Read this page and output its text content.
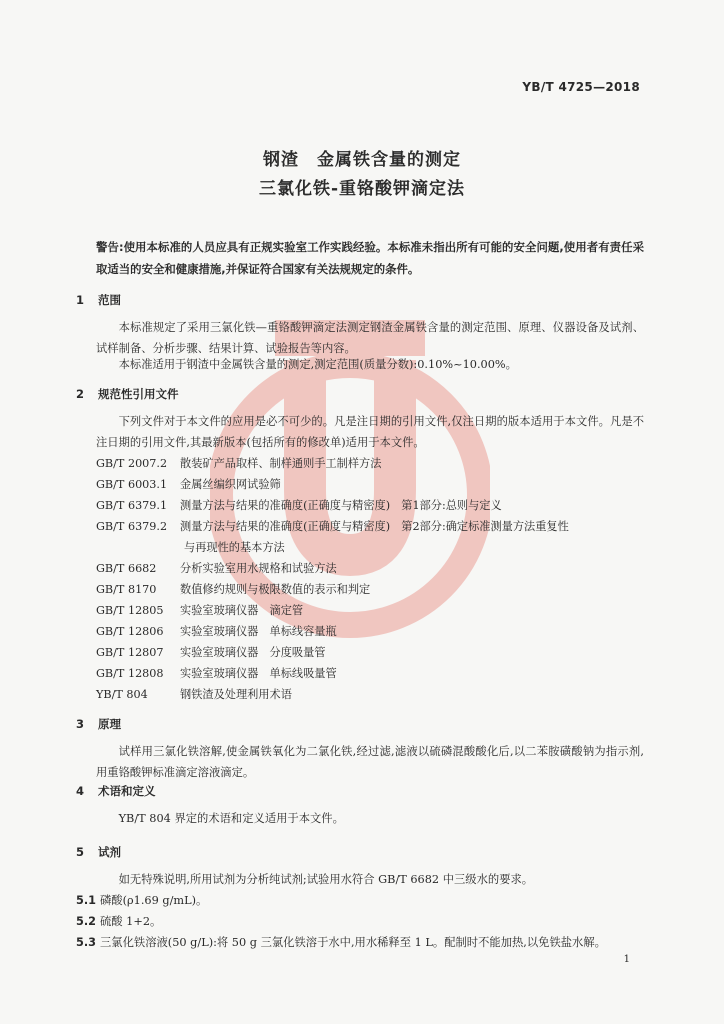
YB/T 4725—2018
钢渣　金属铁含量的测定
三氯化铁-重铬酸钾滴定法
警告:使用本标准的人员应具有正规实验室工作实践经验。本标准未指出所有可能的安全问题,使用者有责任采取适当的安全和健康措施,并保证符合国家有关法规规定的条件。
1 范围
本标准规定了采用三氯化铁—重铬酸钾滴定法测定钢渣金属铁含量的测定范围、原理、仪器设备及试剂、试样制备、分析步骤、结果计算、试验报告等内容。
本标准适用于钢渣中金属铁含量的测定,测定范围(质量分数):0.10%~10.00%。
2 规范性引用文件
下列文件对于本文件的应用是必不可少的。凡是注日期的引用文件,仅注日期的版本适用于本文件。凡是不注日期的引用文件,其最新版本(包括所有的修改单)适用于本文件。
GB/T 2007.2 散装矿产品取样、制样通则手工制样方法
GB/T 6003.1 金属丝编织网试验筛
GB/T 6379.1 测量方法与结果的准确度(正确度与精密度)　第1部分:总则与定义
GB/T 6379.2 测量方法与结果的准确度(正确度与精密度)　第2部分:确定标准测量方法重复性
与再现性的基本方法
GB/T 6682 分析实验室用水规格和试验方法
GB/T 8170 数值修约规则与极限数值的表示和判定
GB/T 12805 实验室玻璃仪器　滴定管
GB/T 12806 实验室玻璃仪器　单标线容量瓶
GB/T 12807 实验室玻璃仪器　分度吸量管
GB/T 12808 实验室玻璃仪器　单标线吸量管
YB/T 804	钢铁渣及处理利用术语
3 原理
试样用三氯化铁溶解,使金属铁氧化为二氯化铁,经过滤,滤液以硫磷混酸酸化后,以二苯胺磺酸钠为指示剂,用重铬酸钾标准滴定溶液滴定。
4 术语和定义
YB/T 804 界定的术语和定义适用于本文件。
5 试剂
如无特殊说明,所用试剂为分析纯试剂;试验用水符合 GB/T 6682 中三级水的要求。
5.1 磷酸(ρ1.69 g/mL)。
5.2 硫酸 1+2。
5.3 三氯化铁溶液(50 g/L):将 50 g 三氯化铁溶于水中,用水稀释至 1 L。配制时不能加热,以免铁盐水解。
1
